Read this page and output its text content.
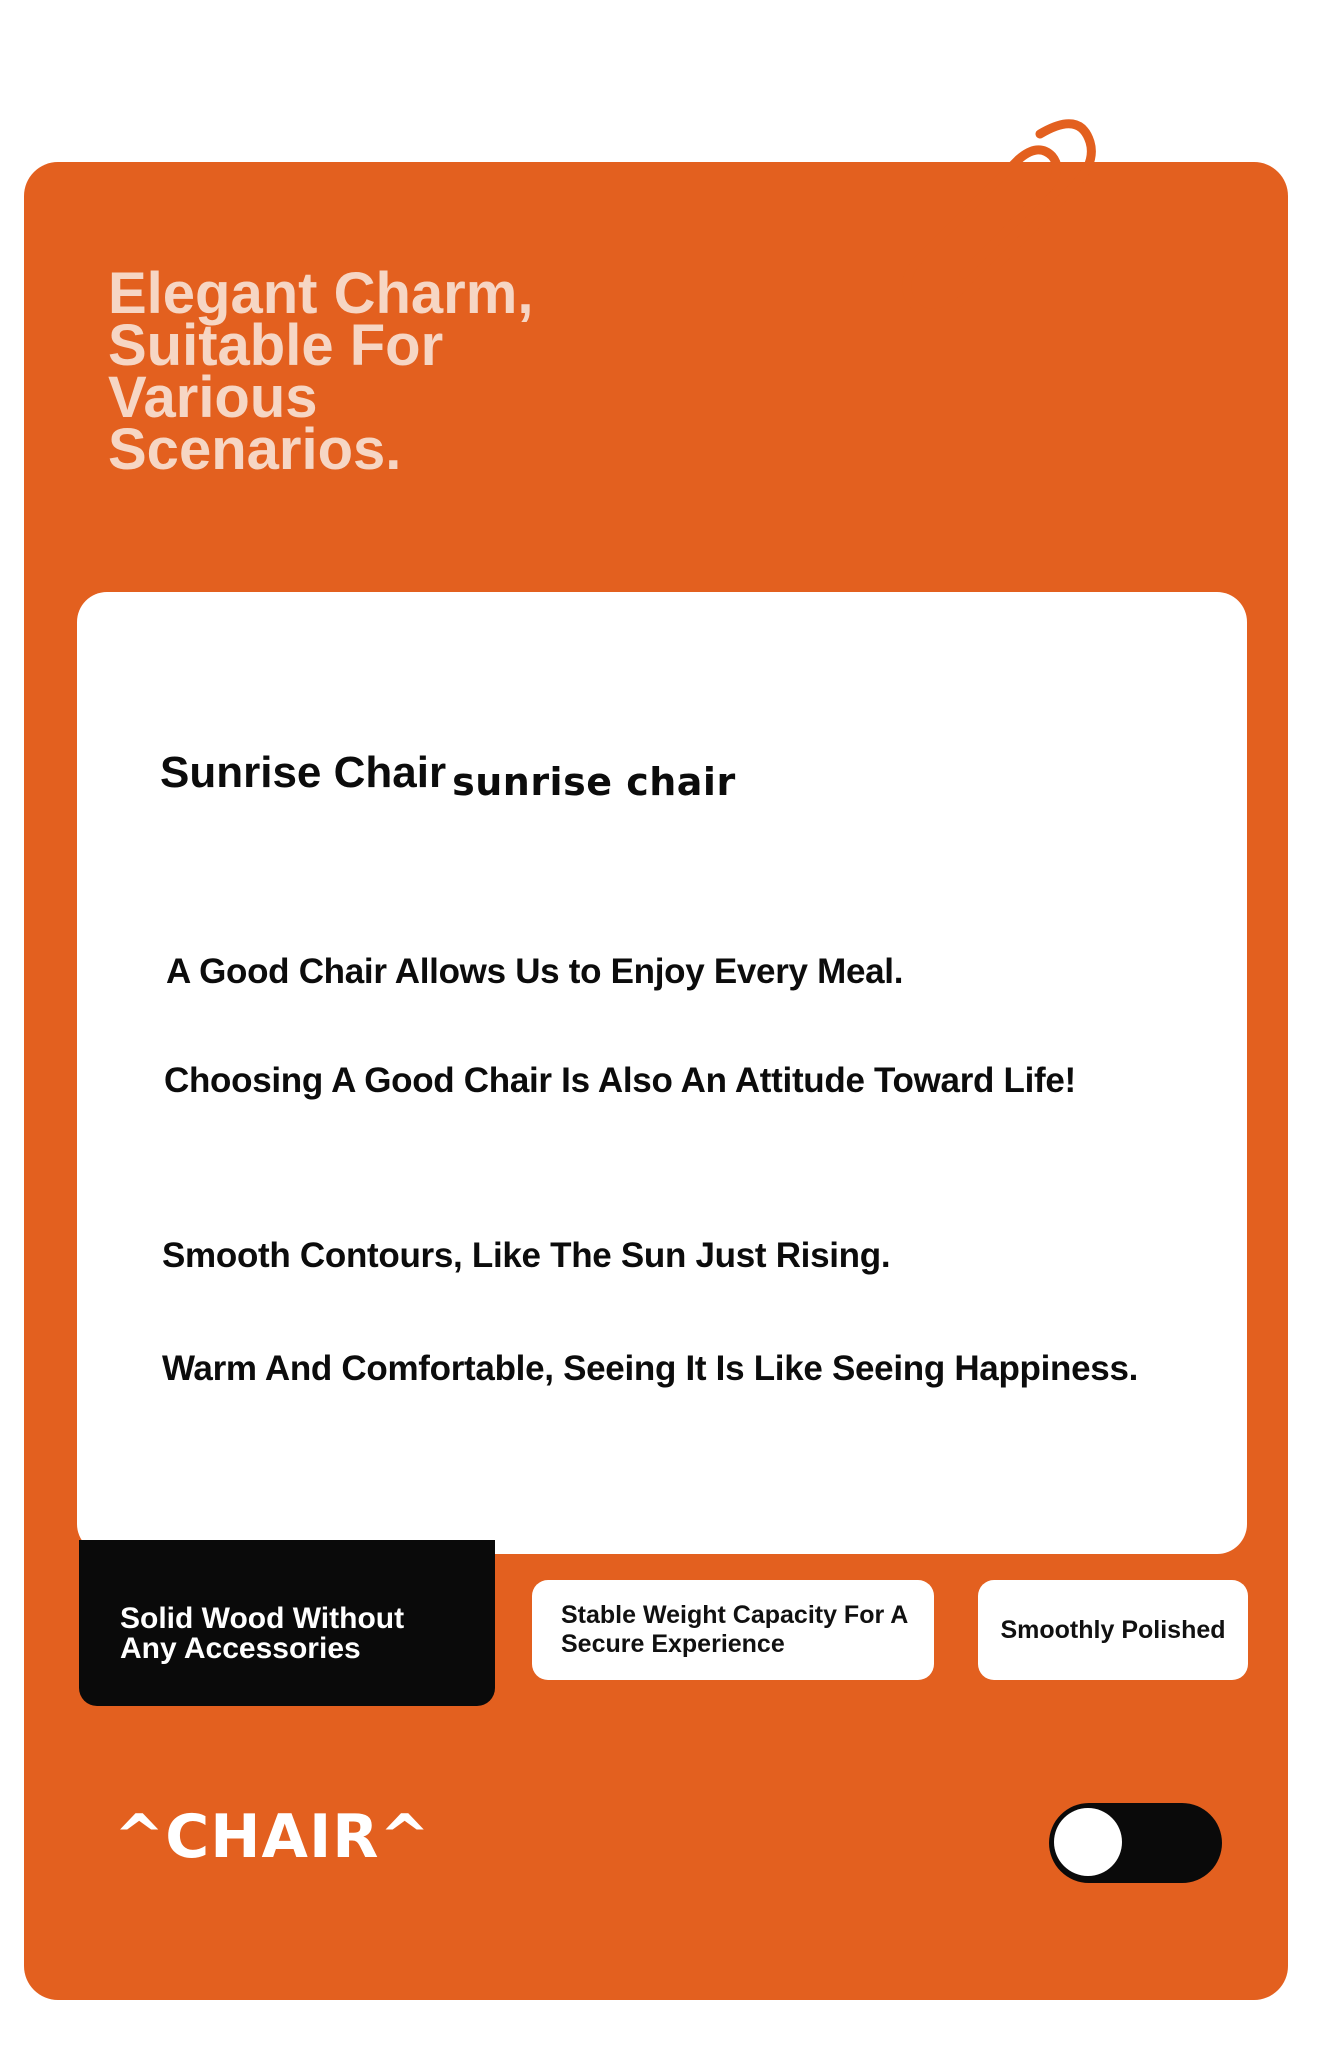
Elegant Charm,
Suitable For
Various
Scenarios.
Sunrise Chair sunrise chair

A Good Chair Allows Us to Enjoy Every Meal.

Choosing A Good Chair Is Also An Attitude Toward Life!

Smooth Contours, Like The Sun Just Rising.

Warm And Comfortable, Seeing It Is Like Seeing Happiness.

Solid Wood Without
Any Accessories
Stable Weight Capacity For A
Secure Experience
Smoothly Polished

^CHAIR^
